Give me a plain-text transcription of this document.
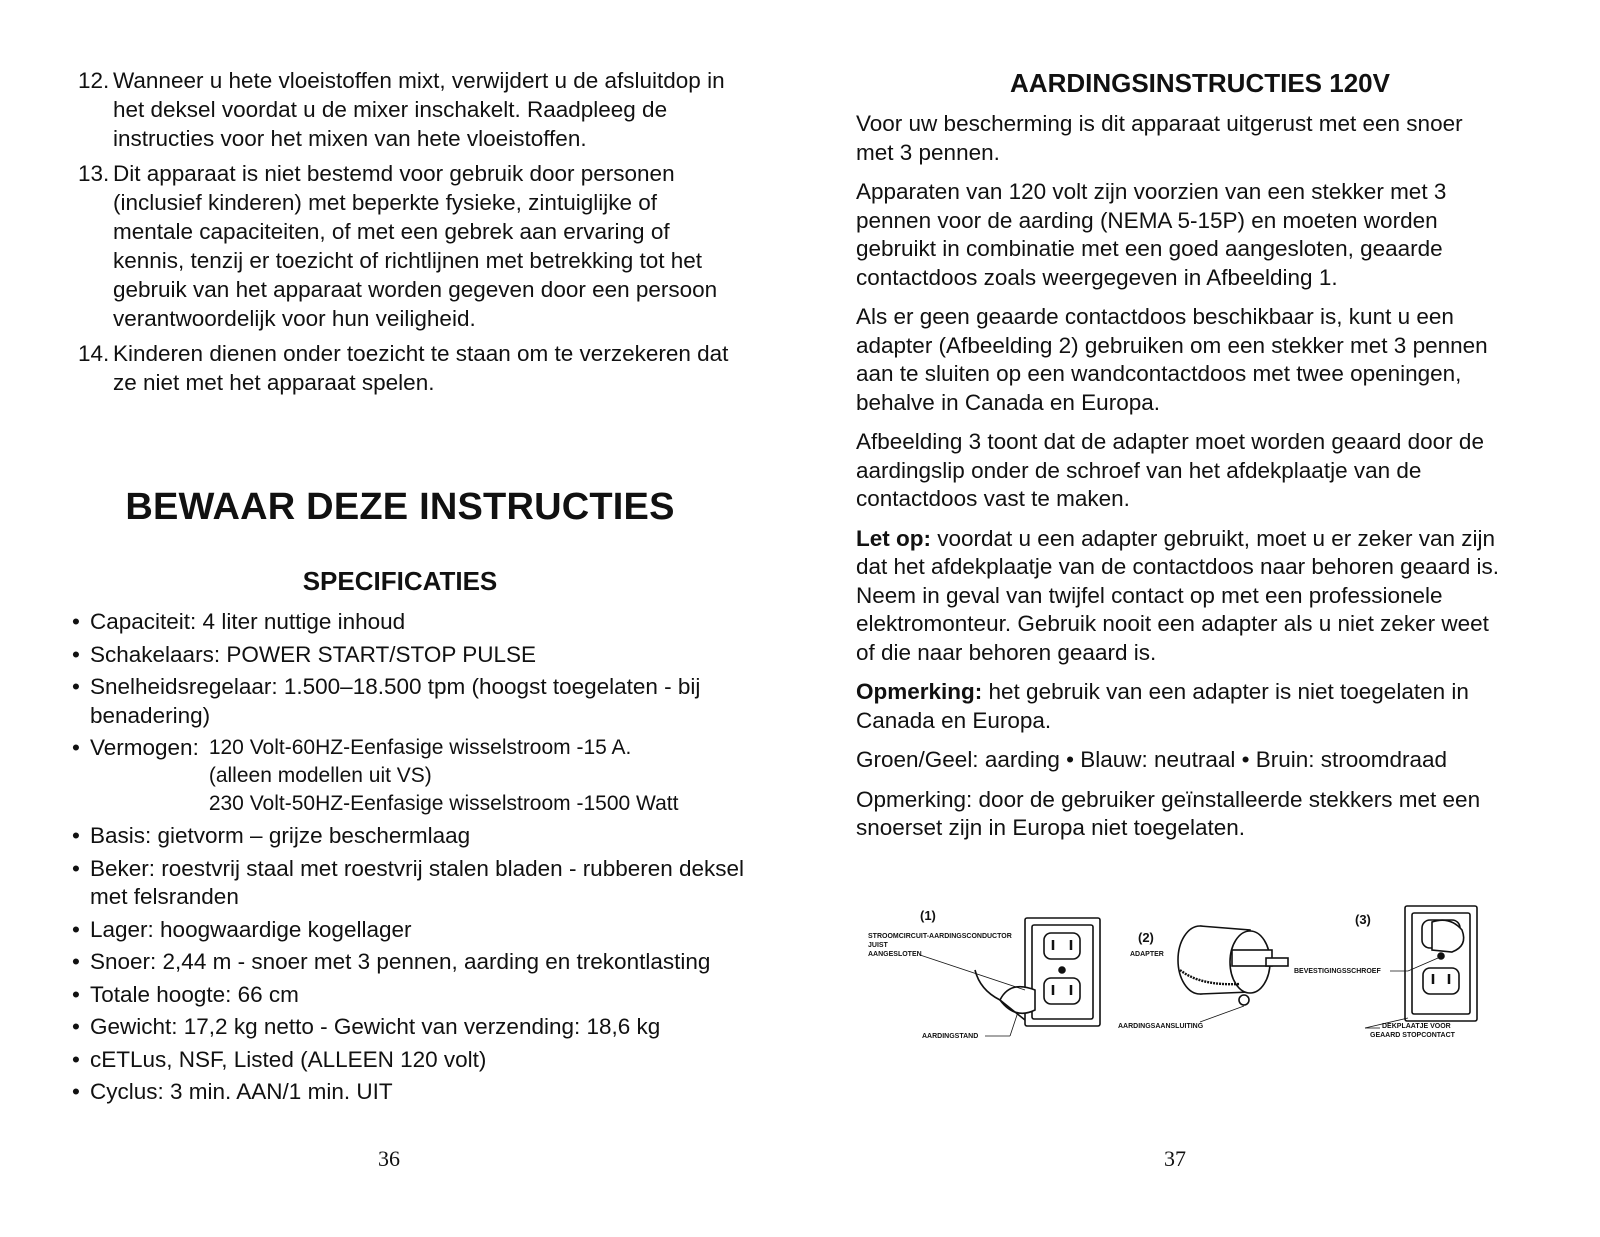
12. Wanneer u hete vloeistoffen mixt, verwijdert u de afsluitdop in het deksel voordat u de mixer inschakelt. Raadpleeg de instructies voor het mixen van hete vloeistoffen.
13. Dit apparaat is niet bestemd voor gebruik door personen (inclusief kinderen) met beperkte fysieke, zintuiglijke of mentale capaciteiten, of met een gebrek aan ervaring of kennis, tenzij er toezicht of richtlijnen met betrekking tot het gebruik van het apparaat worden gegeven door een persoon verantwoordelijk voor hun veiligheid.
14. Kinderen dienen onder toezicht te staan om te verzekeren dat ze niet met het apparaat spelen.
BEWAAR DEZE INSTRUCTIES
SPECIFICATIES
• Capaciteit: 4 liter nuttige inhoud
• Schakelaars: POWER START/STOP PULSE
• Snelheidsregelaar: 1.500–18.500 tpm (hoogst toegelaten - bij benadering)
• Vermogen: 120 Volt-60HZ-Eenfasige wisselstroom -15 A.
(alleen modellen uit VS)
230 Volt-50HZ-Eenfasige wisselstroom -1500 Watt
• Basis: gietvorm – grijze beschermlaag
• Beker: roestvrij staal met roestvrij stalen bladen - rubberen deksel met felsranden
• Lager: hoogwaardige kogellager
• Snoer: 2,44 m - snoer met 3 pennen, aarding en trekontlasting
• Totale hoogte: 66 cm
• Gewicht: 17,2 kg netto - Gewicht van verzending: 18,6 kg
• cETLus, NSF, Listed (ALLEEN 120 volt)
• Cyclus: 3 min. AAN/1 min. UIT
36
AARDINGSINSTRUCTIES 120V

Voor uw bescherming is dit apparaat uitgerust met een snoer met 3 pennen.

Apparaten van 120 volt zijn voorzien van een stekker met 3 pennen voor de aarding (NEMA 5-15P) en moeten worden gebruikt in combinatie met een goed aangesloten, geaarde contactdoos zoals weergegeven in Afbeelding 1.

Als er geen geaarde contactdoos beschikbaar is, kunt u een adapter (Afbeelding 2) gebruiken om een stekker met 3 pennen aan te sluiten op een wandcontactdoos met twee openingen, behalve in Canada en Europa.

Afbeelding 3 toont dat de adapter moet worden geaard door de aardingslip onder de schroef van het afdekplaatje van de contactdoos vast te maken.

Let op: voordat u een adapter gebruikt, moet u er zeker van zijn dat het afdekplaatje van de contactdoos naar behoren geaard is. Neem in geval van twijfel contact op met een professionele elektromonteur. Gebruik nooit een adapter als u niet zeker weet of die naar behoren geaard is.

Opmerking: het gebruik van een adapter is niet toegelaten in Canada en Europa.

Groen/Geel: aarding • Blauw: neutraal • Bruin: stroomdraad

Opmerking: door de gebruiker geïnstalleerde stekkers met een snoerset zijn in Europa niet toegelaten.

(1)
STROOMCIRCUIT-AARDINGSCONDUCTOR
JUIST
AANGESLOTEN
AARDINGSTAND
(2)
ADAPTER
AARDINGSAANSLUITING
(3)
BEVESTIGINGSSCHROEF
DEKPLAATJE VOOR
GEAARD STOPCONTACT
37
